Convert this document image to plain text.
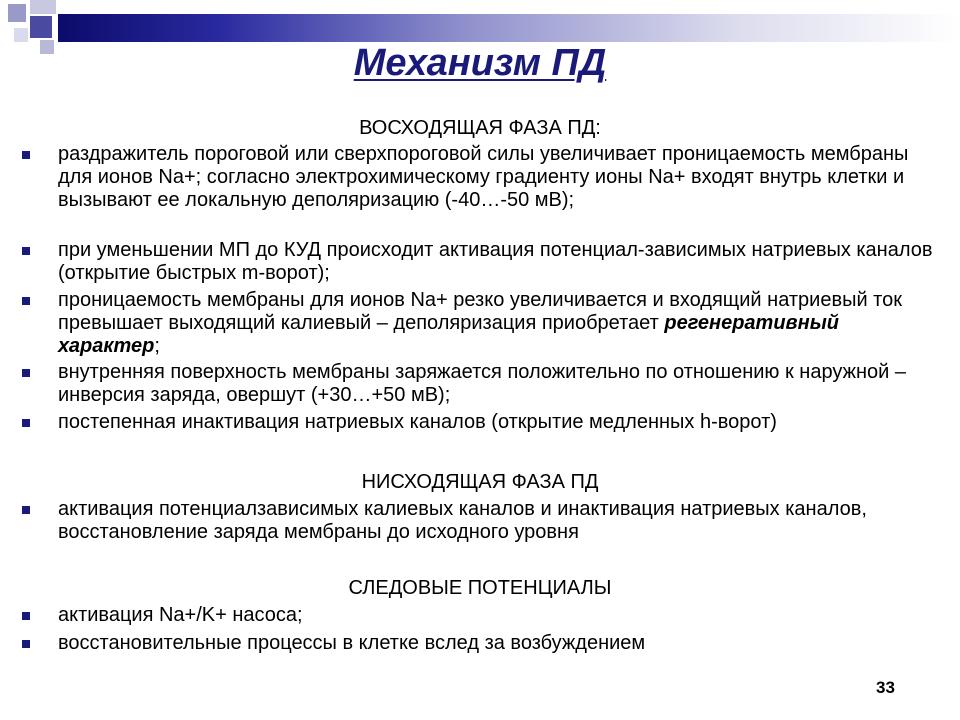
Механизм ПД
ВОСХОДЯЩАЯ ФАЗА ПД:
раздражитель пороговой или сверхпороговой силы увеличивает проницаемость мембраны для ионов Na+; согласно электрохимическому градиенту ионы Na+ входят внутрь клетки и вызывают ее локальную деполяризацию (-40…-50 мВ);
при уменьшении МП до КУД происходит активация потенциал-зависимых натриевых каналов (открытие быстрых m-ворот);
проницаемость мембраны для ионов Na+ резко увеличивается и входящий натриевый ток превышает выходящий калиевый – деполяризация приобретает регенеративный характер;
внутренняя поверхность мембраны заряжается положительно по отношению к наружной – инверсия заряда, овершут (+30…+50 мВ);
постепенная инактивация натриевых каналов (открытие медленных h-ворот)
НИСХОДЯЩАЯ ФАЗА ПД
активация потенциалзависимых калиевых каналов и инактивация натриевых каналов, восстановление заряда мембраны до исходного уровня
СЛЕДОВЫЕ ПОТЕНЦИАЛЫ
активация Na+/K+ насоса;
восстановительные процессы в клетке вслед за возбуждением
33
